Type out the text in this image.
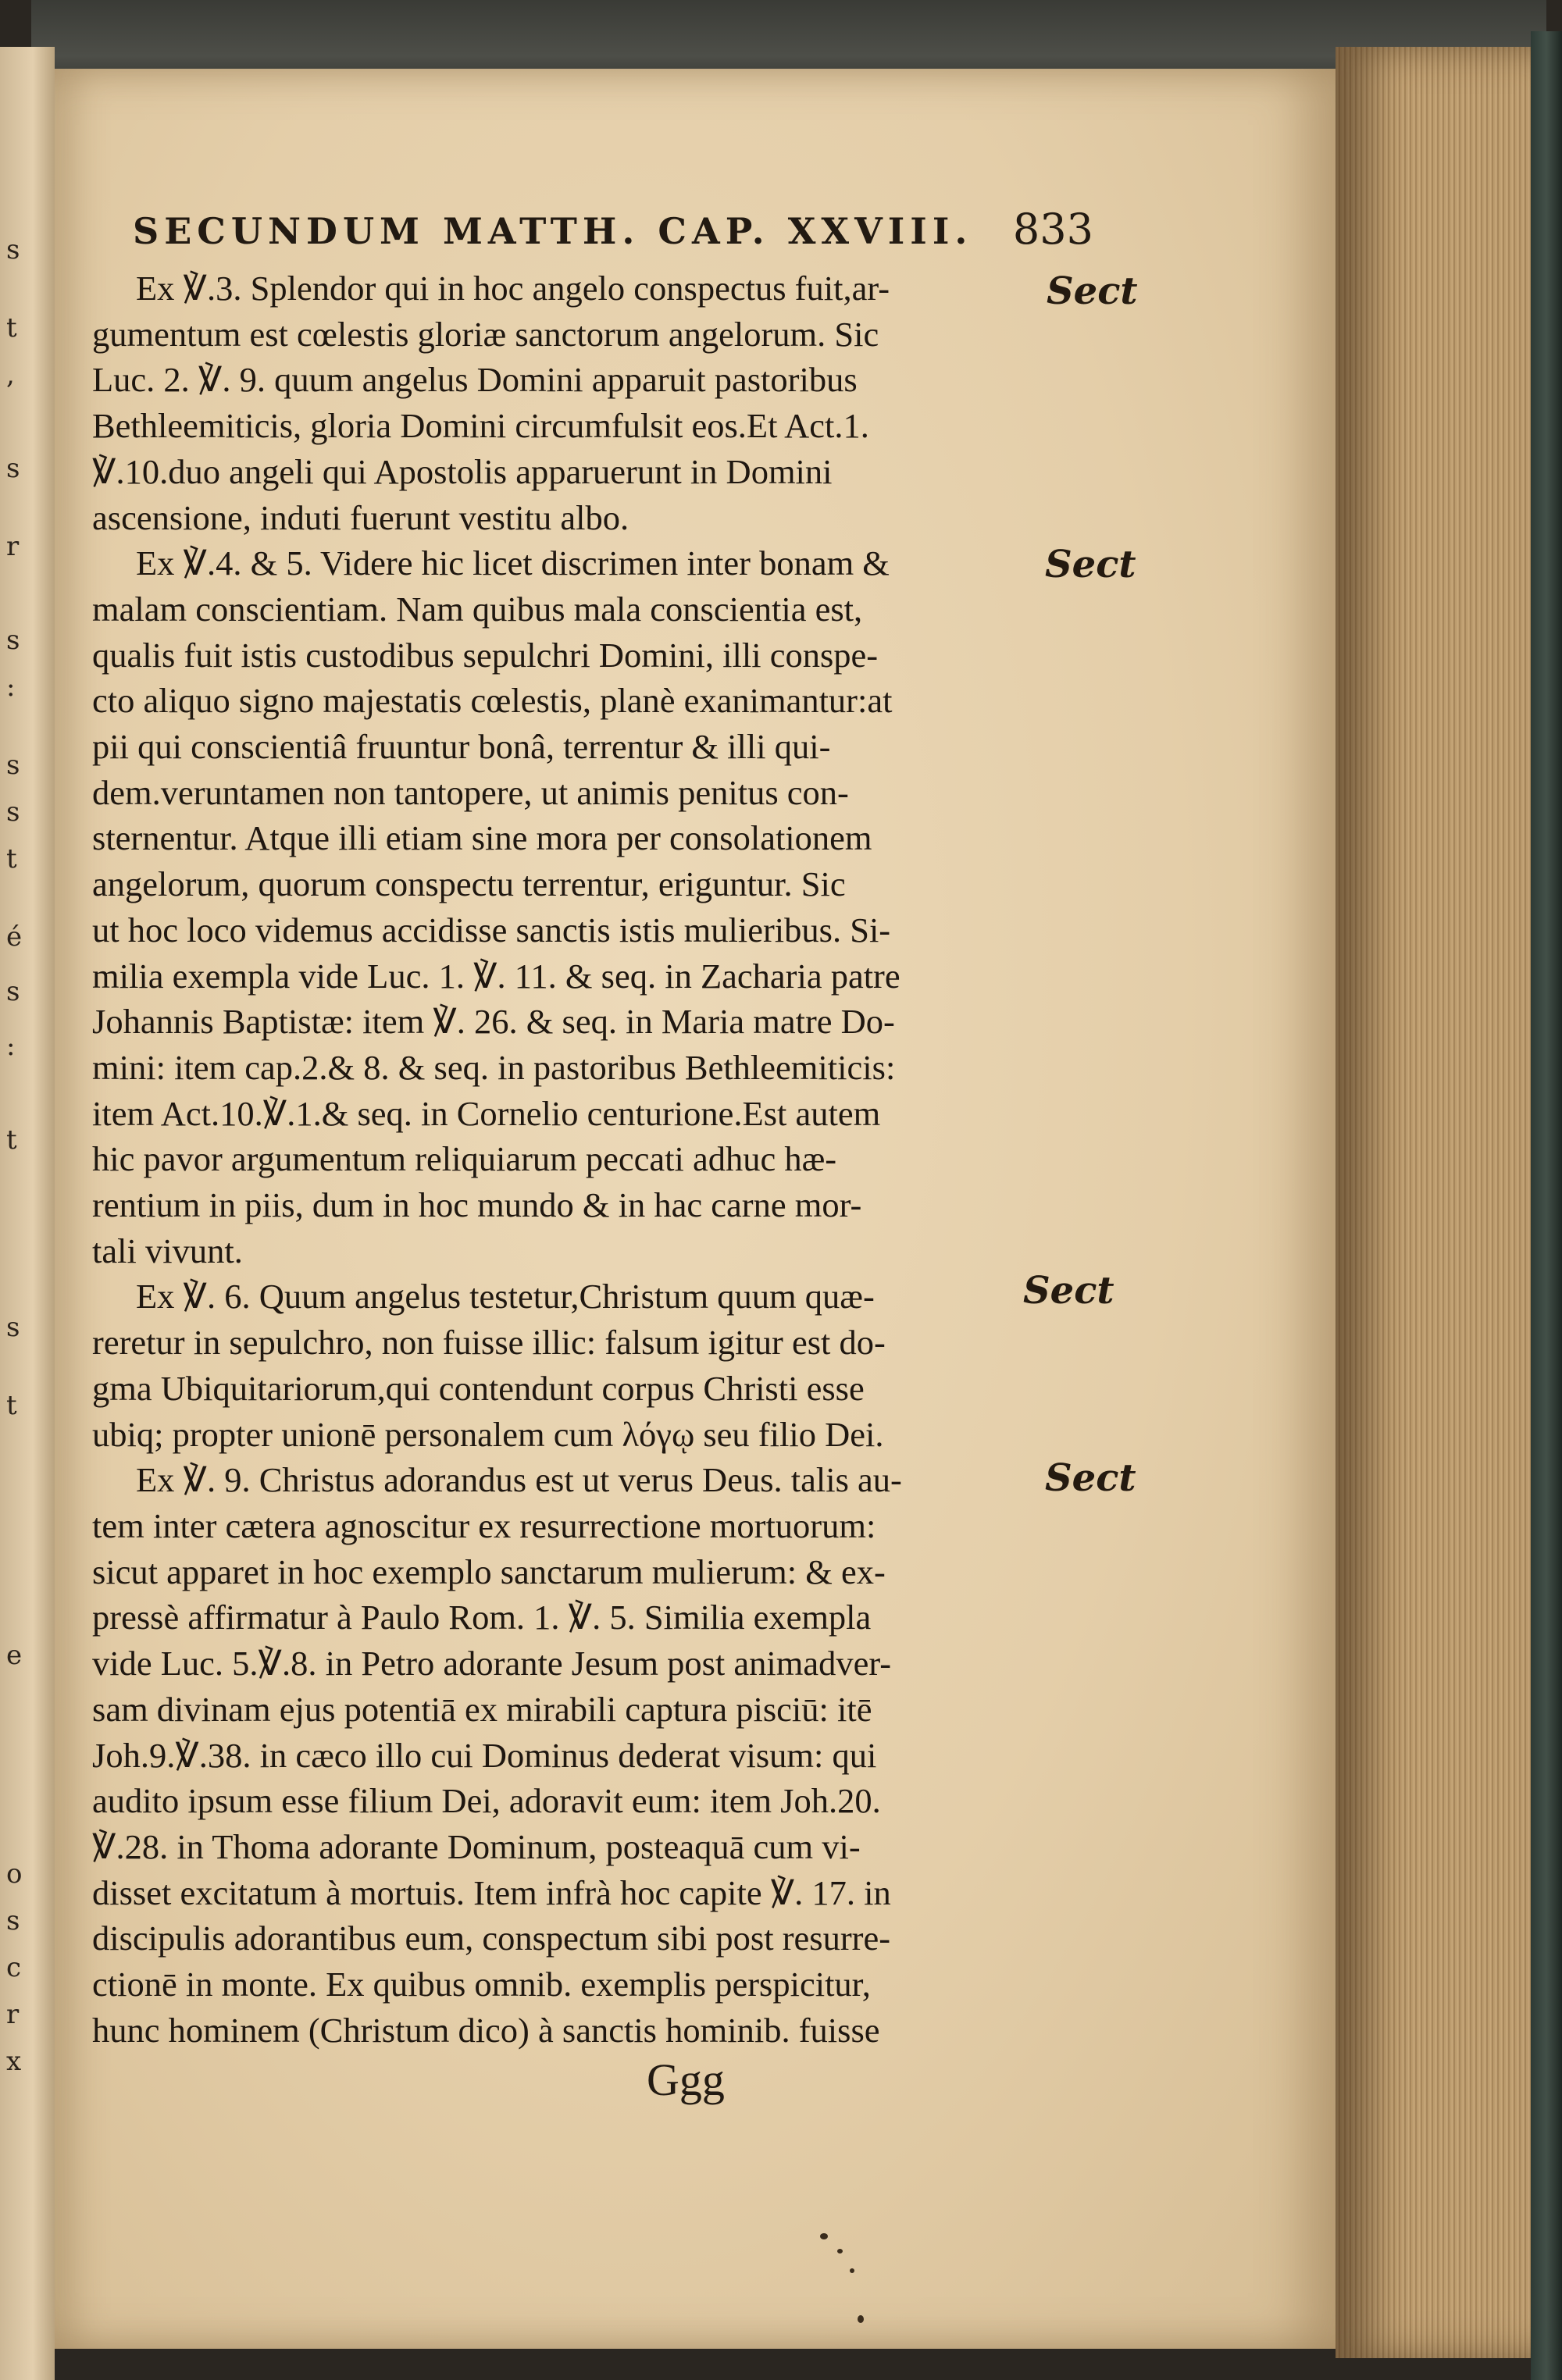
s
t
,
s
r
s
:
s
s
t
é
s
:
t
s
t
e
o
s
c
r
x
SECUNDUM MATTH. CAP. XXVIII. 833
Ex ℣.3. Splendor qui in hoc angelo conspectus fuit,ar-
gumentum est cœlestis gloriæ sanctorum angelorum. Sic
Luc. 2. ℣. 9. quum angelus Domini apparuit pastoribus
Bethleemiticis, gloria Domini circumfulsit eos.Et Act.1.
℣.10.duo angeli qui Apostolis apparuerunt in Domini
ascensione, induti fuerunt vestitu albo.
Ex ℣.4. & 5. Videre hic licet discrimen inter bonam &
malam conscientiam. Nam quibus mala conscientia est,
qualis fuit istis custodibus sepulchri Domini, illi conspe-
cto aliquo signo majestatis cœlestis, planè exanimantur:at
pii qui conscientiâ fruuntur bonâ, terrentur & illi qui-
dem.veruntamen non tantopere, ut animis penitus con-
sternentur. Atque illi etiam sine mora per consolationem
angelorum, quorum conspectu terrentur, eriguntur. Sic
ut hoc loco videmus accidisse sanctis istis mulieribus. Si-
milia exempla vide Luc. 1. ℣. 11. & seq. in Zacharia patre
Johannis Baptistæ: item ℣. 26. & seq. in Maria matre Do-
mini: item cap.2.& 8. & seq. in pastoribus Bethleemiticis:
item Act.10.℣.1.& seq. in Cornelio centurione.Est autem
hic pavor argumentum reliquiarum peccati adhuc hæ-
rentium in piis, dum in hoc mundo & in hac carne mor-
tali vivunt.
Ex ℣. 6. Quum angelus testetur,Christum quum quæ-
reretur in sepulchro, non fuisse illic: falsum igitur est do-
gma Ubiquitariorum,qui contendunt corpus Christi esse
ubiq; propter unionē personalem cum λόγῳ seu filio Dei.
Ex ℣. 9. Christus adorandus est ut verus Deus. talis au-
tem inter cætera agnoscitur ex resurrectione mortuorum:
sicut apparet in hoc exemplo sanctarum mulierum: & ex-
pressè affirmatur à Paulo Rom. 1. ℣. 5. Similia exempla
vide Luc. 5.℣.8. in Petro adorante Jesum post animadver-
sam divinam ejus potentiā ex mirabili captura pisciū: itē
Joh.9.℣.38. in cæco illo cui Dominus dederat visum: qui
audito ipsum esse filium Dei, adoravit eum: item Joh.20.
℣.28. in Thoma adorante Dominum, posteaquā cum vi-
disset excitatum à mortuis. Item infrà hoc capite ℣. 17. in
discipulis adorantibus eum, conspectum sibi post resurre-
ctionē in monte. Ex quibus omnib. exemplis perspicitur,
hunc hominem (Christum dico) à sanctis hominib. fuisse
Sect
Sect
Sect
Sect
Ggg
